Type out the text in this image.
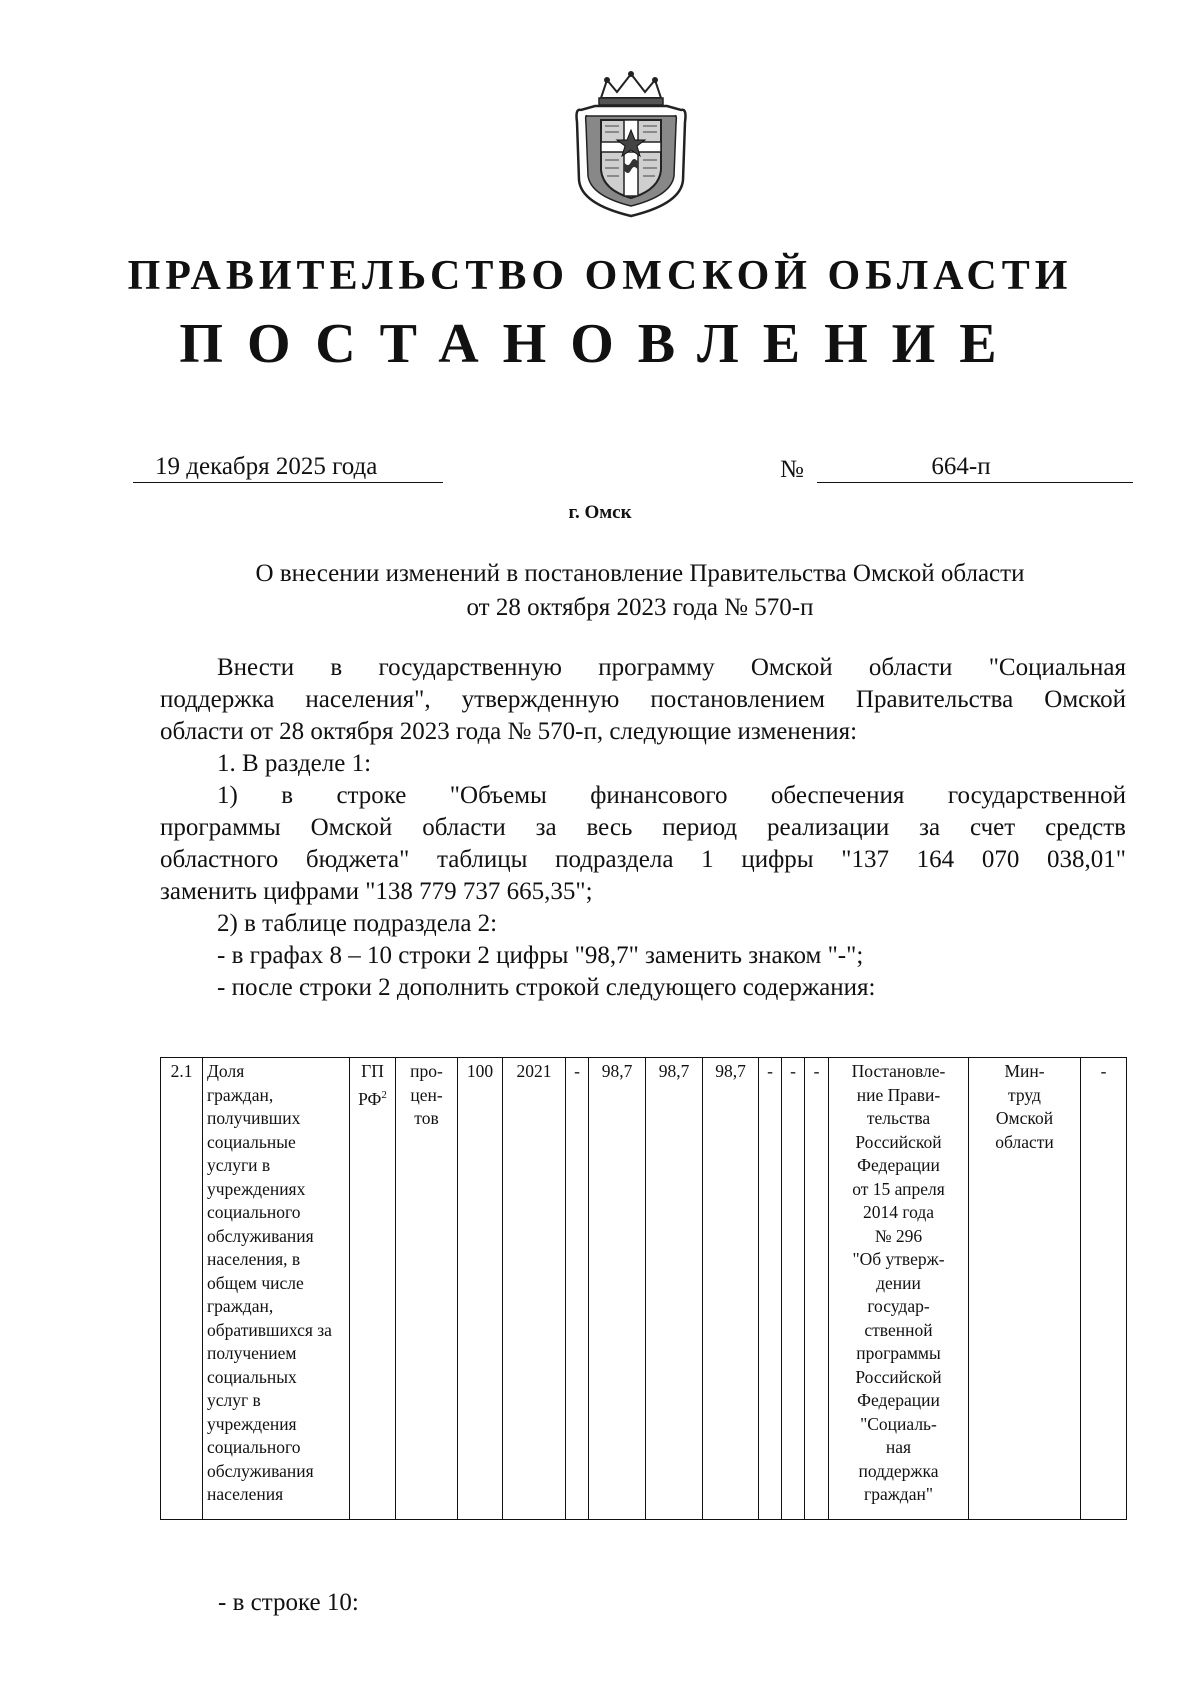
ПРАВИТЕЛЬСТВО ОМСКОЙ ОБЛАСТИ
ПОСТАНОВЛЕНИЕ
19 декабря 2025 года	№	664-п
г. Омск
О внесении изменений в постановление Правительства Омской области
от 28 октября 2023 года № 570-п

Внести в государственную программу Омской области "Социальная

поддержка населения", утвержденную постановлением Правительства Омской

области от 28 октября 2023 года № 570-п, следующие изменения:

1. В разделе 1:

1) в строке "Объемы финансового обеспечения государственной

программы Омской области за весь период реализации за счет средств

областного бюджета" таблицы подраздела 1 цифры "137 164 070 038,01"

заменить цифрами "138 779 737 665,35";

2) в таблице подраздела 2:

- в графах 8 – 10 строки 2 цифры "98,7" заменить знаком "-";

- после строки 2 дополнить строкой следующего содержания:

2.1	Доля
граждан,
получивших
социальные
услуги в
учреждениях
социального
обслуживания
населения, в
общем числе
граждан,
обратившихся за
получением
социальных
услуг в
учреждения
социального
обслуживания
населения	ГП
$РФ^2$	про-
цен-
тов	100	2021	-	98,7	98,7	98,7	-	-	-	Постановле-
ние Прави-
тельства
Российской
Федерации
от 15 апреля
2014 года
№ 296
"Об утверж-
дении
государ-
ственной
программы
Российской
Федерации
"Социаль-
ная
поддержка
граждан"	Мин-
труд
Омской
области	-
- в строке 10:
